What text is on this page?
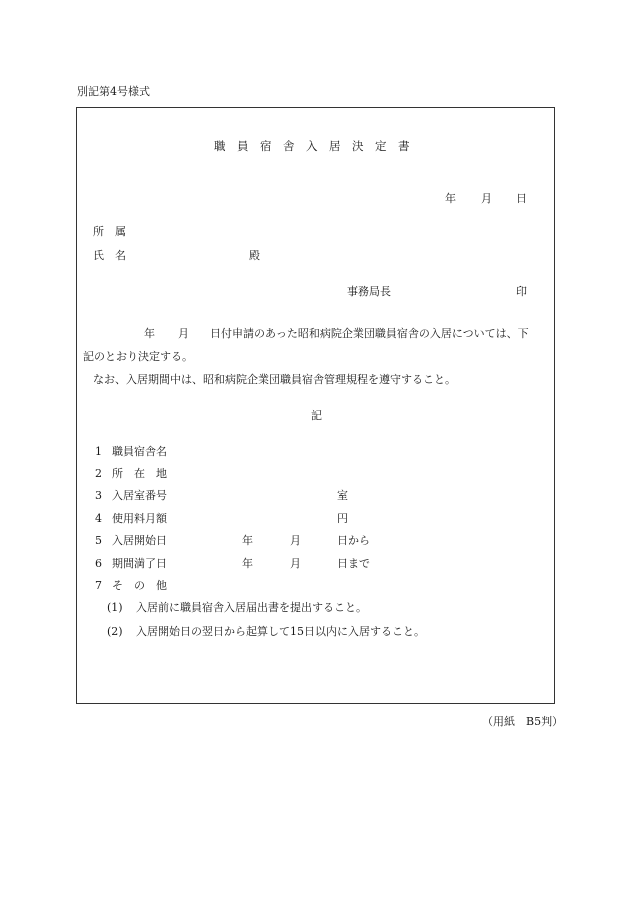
別記第4号様式
職員宿舎入居決定書
年 月 日
所属
氏名	殿
事務局長	印
年 月 日付申請のあった昭和病院企業団職員宿舎の入居については、下
記のとおり決定する。
なお、入居期間中は、昭和病院企業団職員宿舎管理規程を遵守すること。
記
1 職員宿舎名
2 所在地
3 入居室番号	室
4 使用料月額	円
5 入居開始日	年	月	日から
6 期間満了日	年	月	日まで
7 その他
(1) 入居前に職員宿舎入居届出書を提出すること。
(2) 入居開始日の翌日から起算して15日以内に入居すること。
（用紙　B5判）
